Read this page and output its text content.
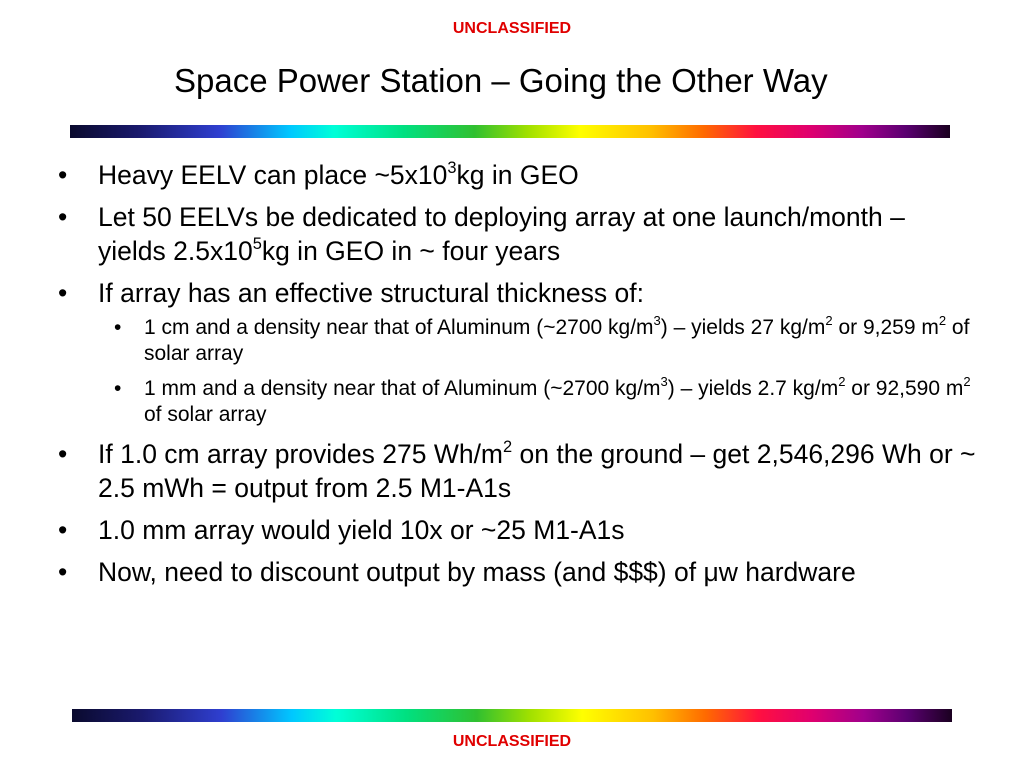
UNCLASSIFIED
Space Power Station – Going the Other Way
• Heavy EELV can place $\sim 5x10^3kg$ in GEO
• Let 50 EELVs be dedicated to deploying array at one launch/month – yields $2.5x10^5kg$ in GEO in ~ four years
• If array has an effective structural thickness of:
• 1 cm and a density near that of Aluminum (~2700 $kg/m^3$) – yields 27 $kg/m^2$ or 9,259 $m^2$ of solar array
• 1 mm and a density near that of Aluminum (~2700 $kg/m^3$) – yields 2.7 $kg/m^2$ or 92,590 $m^2$ of solar array
• If 1.0 cm array provides 275 $Wh/m^2$ on the ground – get 2,546,296 Wh or ~ 2.5 mWh = output from 2.5 M1-A1s
• 1.0 mm array would yield 10x or ~25 M1-A1s
• Now, need to discount output by mass (and $$$) of μw hardware
UNCLASSIFIED
